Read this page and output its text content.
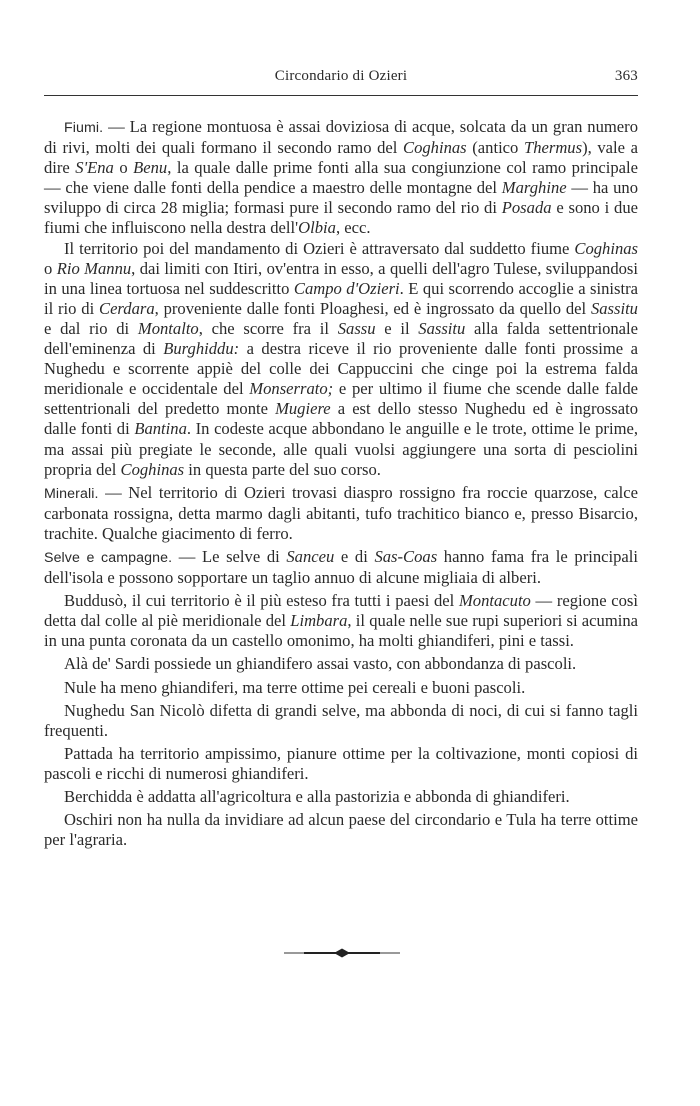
Circondario di Ozieri	363

Fiumi. — La regione montuosa è assai doviziosa di acque, solcata da un gran numero di rivi, molti dei quali formano il secondo ramo del Coghinas (antico Thermus), vale a dire S'Ena o Benu, la quale dalle prime fonti alla sua congiunzione col ramo principale — che viene dalle fonti della pendice a maestro delle montagne del Marghine — ha uno sviluppo di circa 28 miglia; formasi pure il secondo ramo del rio di Posada e sono i due fiumi che influiscono nella destra dell'Olbia, ecc.

Il territorio poi del mandamento di Ozieri è attraversato dal suddetto fiume Coghinas o Rio Mannu, dai limiti con Itiri, ov'entra in esso, a quelli dell'agro Tulese, sviluppandosi in una linea tortuosa nel suddescritto Campo d'Ozieri. E qui scorrendo accoglie a sinistra il rio di Cerdara, proveniente dalle fonti Ploaghesi, ed è ingrossato da quello del Sassitu e dal rio di Montalto, che scorre fra il Sassu e il Sassitu alla falda settentrionale dell'eminenza di Burghiddu: a destra riceve il rio proveniente dalle fonti prossime a Nughedu e scorrente appiè del colle dei Cappuccini che cinge poi la estrema falda meridionale e occidentale del Monserrato; e per ultimo il fiume che scende dalle falde settentrionali del predetto monte Mugiere a est dello stesso Nughedu ed è ingrossato dalle fonti di Bantina. In codeste acque abbondano le anguille e le trote, ottime le prime, ma assai più pregiate le seconde, alle quali vuolsi aggiungere una sorta di pesciolini propria del Coghinas in questa parte del suo corso.

Minerali. — Nel territorio di Ozieri trovasi diaspro rossigno fra roccie quarzose, calce carbonata rossigna, detta marmo dagli abitanti, tufo trachitico bianco e, presso Bisarcio, trachite. Qualche giacimento di ferro.

Selve e campagne. — Le selve di Sanceu e di Sas-Coas hanno fama fra le principali dell'isola e possono sopportare un taglio annuo di alcune migliaia di alberi.

Buddusò, il cui territorio è il più esteso fra tutti i paesi del Montacuto — regione così detta dal colle al piè meridionale del Limbara, il quale nelle sue rupi superiori si acumina in una punta coronata da un castello omonimo, ha molti ghiandiferi, pini e tassi.

Alà de' Sardi possiede un ghiandifero assai vasto, con abbondanza di pascoli.

Nule ha meno ghiandiferi, ma terre ottime pei cereali e buoni pascoli.

Nughedu San Nicolò difetta di grandi selve, ma abbonda di noci, di cui si fanno tagli frequenti.

Pattada ha territorio ampissimo, pianure ottime per la coltivazione, monti copiosi di pascoli e ricchi di numerosi ghiandiferi.

Berchidda è addatta all'agricoltura e alla pastorizia e abbonda di ghiandiferi.

Oschiri non ha nulla da invidiare ad alcun paese del circondario e Tula ha terre ottime per l'agraria.
